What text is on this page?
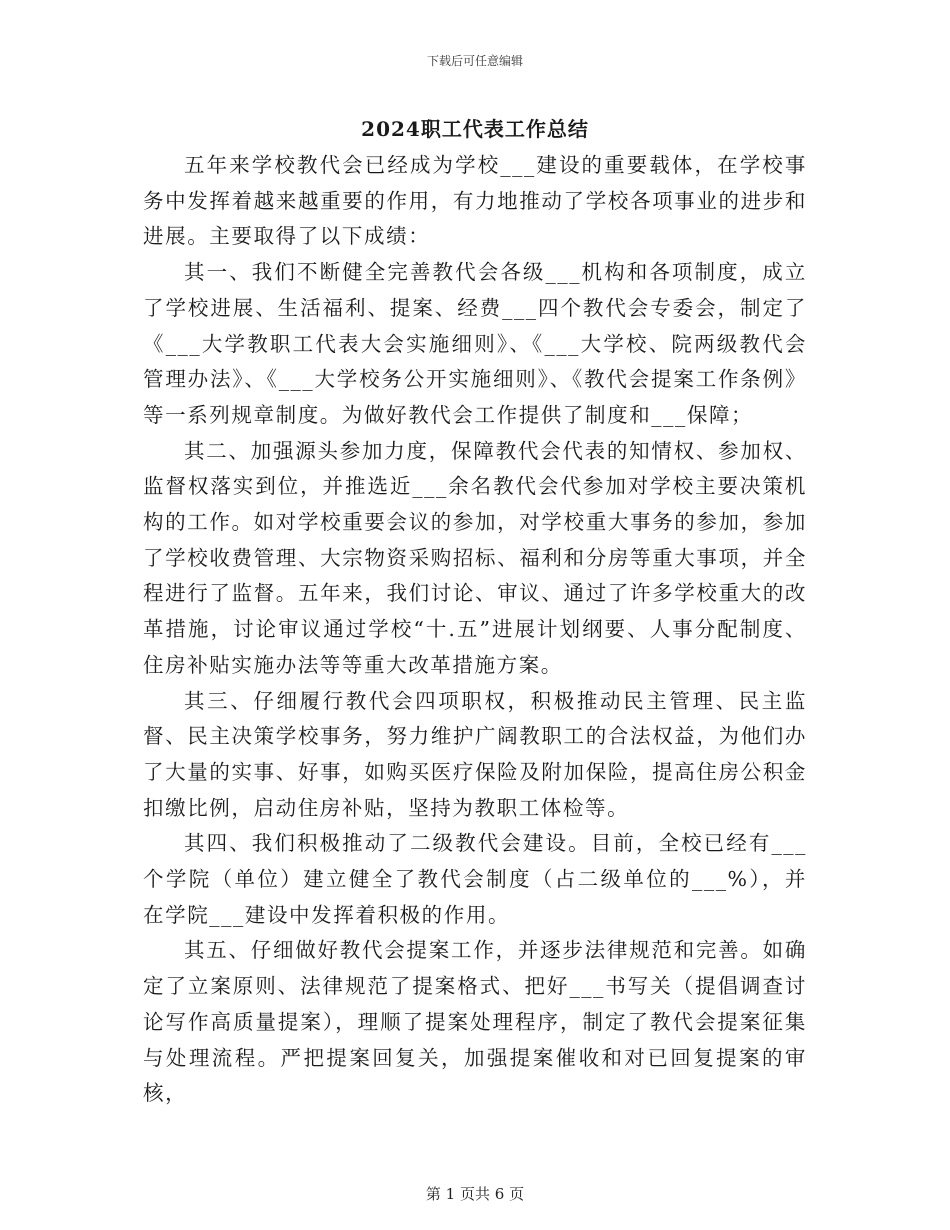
下载后可任意编辑
2024职工代表工作总结

五年来学校教代会已经成为学校___建设的重要载体，在学校事务中发挥着越来越重要的作用，有力地推动了学校各项事业的进步和进展。主要取得了以下成绩：

其一、我们不断健全完善教代会各级___机构和各项制度，成立了学校进展、生活福利、提案、经费___四个教代会专委会，制定了《___大学教职工代表大会实施细则》、《___大学校、院两级教代会管理办法》、《___大学校务公开实施细则》、《教代会提案工作条例》等一系列规章制度。为做好教代会工作提供了制度和___保障；

其二、加强源头参加力度，保障教代会代表的知情权、参加权、监督权落实到位，并推选近___余名教代会代参加对学校主要决策机构的工作。如对学校重要会议的参加，对学校重大事务的参加，参加了学校收费管理、大宗物资采购招标、福利和分房等重大事项，并全程进行了监督。五年来，我们讨论、审议、通过了许多学校重大的改革措施，讨论审议通过学校“十.五”进展计划纲要、人事分配制度、住房补贴实施办法等等重大改革措施方案。

其三、仔细履行教代会四项职权，积极推动民主管理、民主监督、民主决策学校事务，努力维护广阔教职工的合法权益，为他们办了大量的实事、好事，如购买医疗保险及附加保险，提高住房公积金扣缴比例，启动住房补贴，坚持为教职工体检等。

其四、我们积极推动了二级教代会建设。目前，全校已经有___个学院（单位）建立健全了教代会制度（占二级单位的___%），并在学院___建设中发挥着积极的作用。

其五、仔细做好教代会提案工作，并逐步法律规范和完善。如确定了立案原则、法律规范了提案格式、把好___书写关（提倡调查讨论写作高质量提案），理顺了提案处理程序，制定了教代会提案征集与处理流程。严把提案回复关，加强提案催收和对已回复提案的审核，

第 1 页共 6 页
